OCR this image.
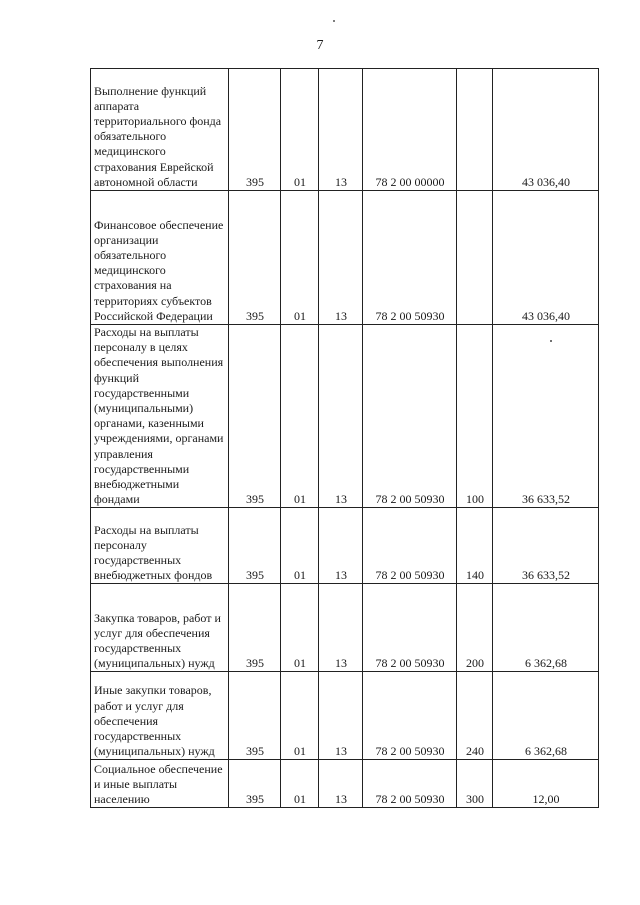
7
Выполнение функций аппарата территориального фонда обязательного медицинского страхования Еврейской автономной области	395	01	13	78 2 00 00000		43 036,40

Финансовое обеспечение организации обязательного медицинского страхования на территориях субъектов Российской Федерации	395	01	13	78 2 00 50930		43 036,40

Расходы на выплаты персоналу в целях обеспечения выполнения функций государственными (муниципальными) органами, казенными учреждениями, органами управления государственными внебюджетными фондами	395	01	13	78 2 00 50930	100	36 633,52

Расходы на выплаты персоналу государственных внебюджетных фондов	395	01	13	78 2 00 50930	140	36 633,52

Закупка товаров, работ и услуг для обеспечения государственных (муниципальных) нужд	395	01	13	78 2 00 50930	200	6 362,68

Иные закупки товаров, работ и услуг для обеспечения государственных (муниципальных) нужд	395	01	13	78 2 00 50930	240	6 362,68

Социальное обеспечение и иные выплаты населению	395	01	13	78 2 00 50930	300	12,00
